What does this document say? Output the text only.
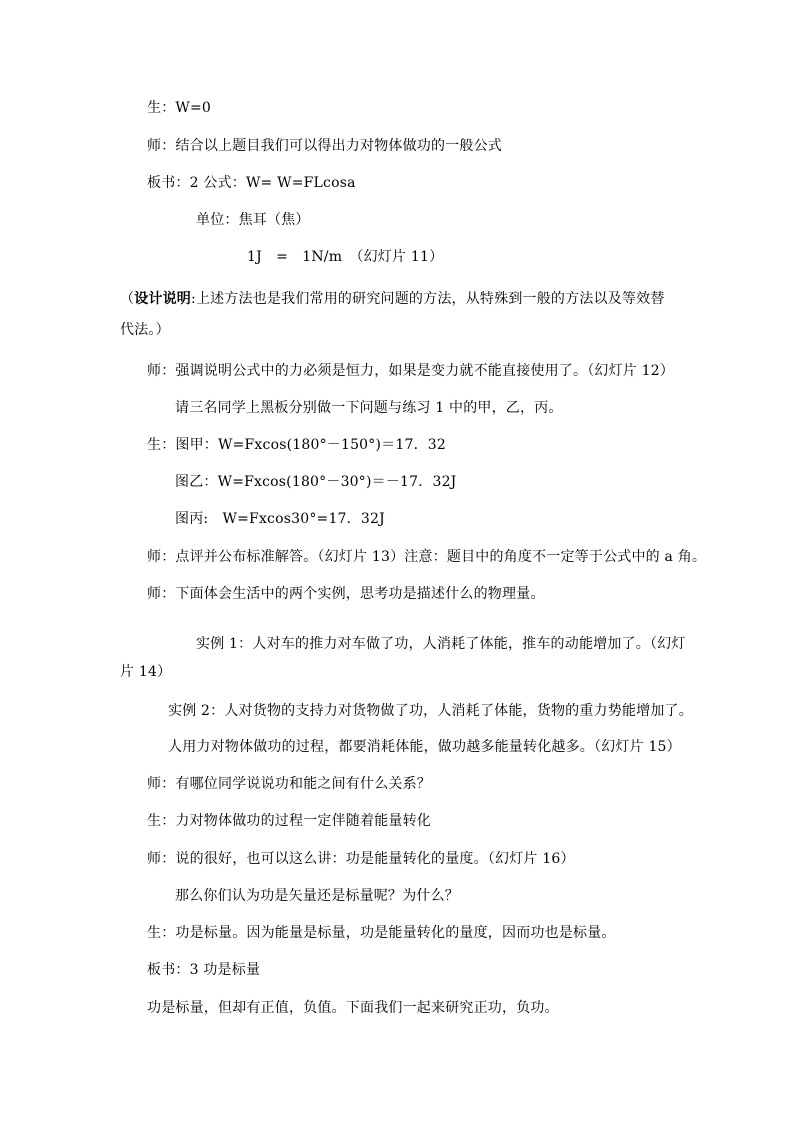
生：W=0
师：结合以上题目我们可以得出力对物体做功的一般公式
板书：2 公式：W= W=FLcosa
单位：焦耳（焦）
1J　=　1N/m　（幻灯片 11）
（设计说明:上述方法也是我们常用的研究问题的方法，从特殊到一般的方法以及等效替
代法。）
师：强调说明公式中的力必须是恒力，如果是变力就不能直接使用了。（幻灯片 12）
请三名同学上黑板分别做一下问题与练习 1 中的甲，乙，丙。
生：图甲：W=Fxcos(180°－150°)＝17．32
图乙：W=Fxcos(180°－30°)＝－17．32J
图丙:　W=Fxcos30°=17．32J
师：点评并公布标准解答。（幻灯片 13）注意：题目中的角度不一定等于公式中的 a 角。
师：下面体会生活中的两个实例，思考功是描述什么的物理量。
实例 1：人对车的推力对车做了功，人消耗了体能，推车的动能增加了。（幻灯
片 14）
实例 2：人对货物的支持力对货物做了功，人消耗了体能，货物的重力势能增加了。
人用力对物体做功的过程，都要消耗体能，做功越多能量转化越多。（幻灯片 15）
师：有哪位同学说说功和能之间有什么关系？
生：力对物体做功的过程一定伴随着能量转化
师：说的很好，也可以这么讲：功是能量转化的量度。（幻灯片 16）
那么你们认为功是矢量还是标量呢？为什么？
生：功是标量。因为能量是标量，功是能量转化的量度，因而功也是标量。
板书：3 功是标量
功是标量，但却有正值，负值。下面我们一起来研究正功，负功。
